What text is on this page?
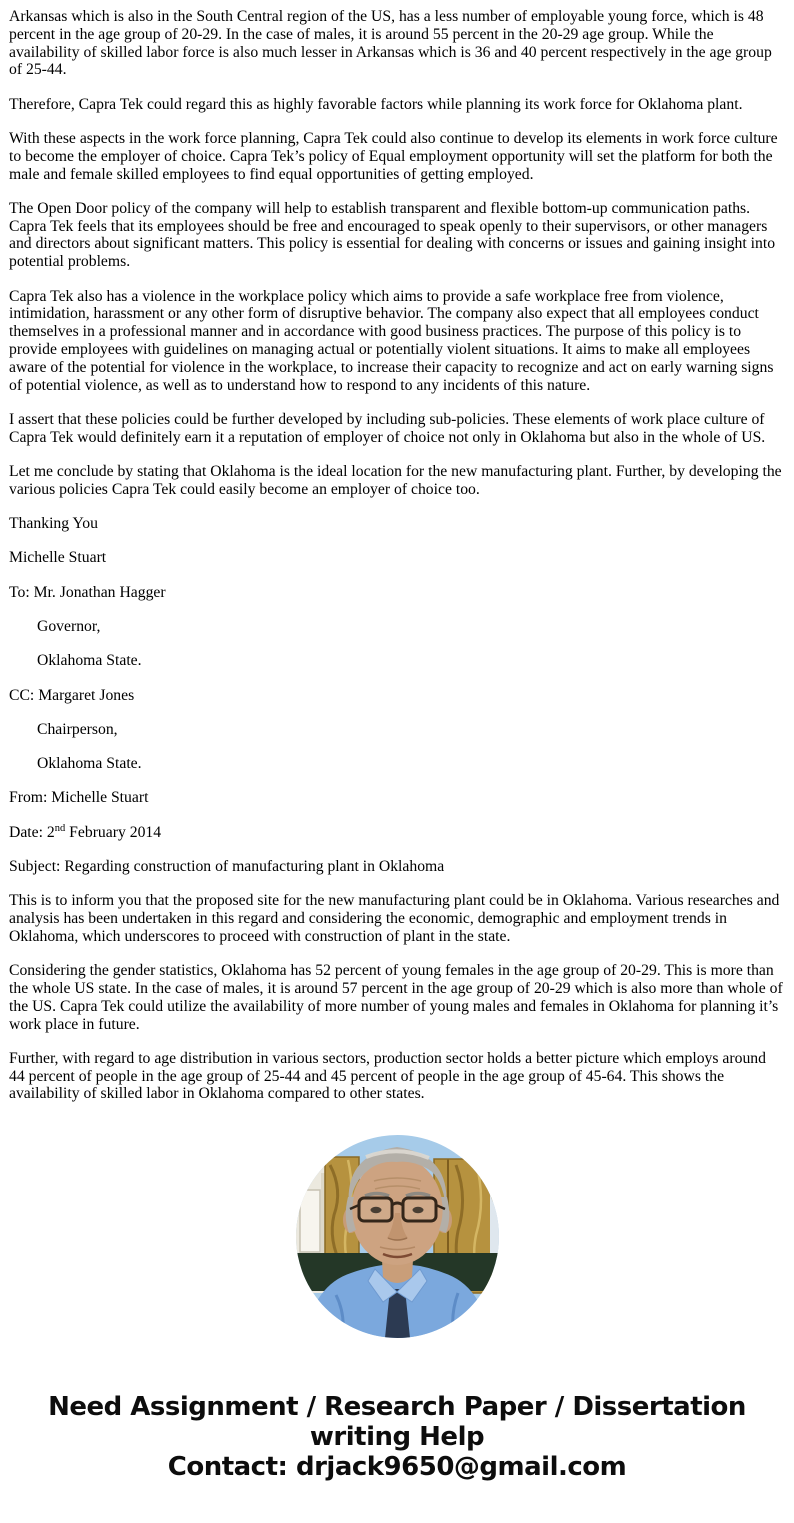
Arkansas which is also in the South Central region of the US, has a less number of employable young force, which is 48 percent in the age group of 20-29. In the case of males, it is around 55 percent in the 20-29 age group. While the availability of skilled labor force is also much lesser in Arkansas which is 36 and 40 percent respectively in the age group of 25-44.

Therefore, Capra Tek could regard this as highly favorable factors while planning its work force for Oklahoma plant.

With these aspects in the work force planning, Capra Tek could also continue to develop its elements in work force culture to become the employer of choice. Capra Tek’s policy of Equal employment opportunity will set the platform for both the male and female skilled employees to find equal opportunities of getting employed.

The Open Door policy of the company will help to establish transparent and flexible bottom-up communication paths. Capra Tek feels that its employees should be free and encouraged to speak openly to their supervisors, or other managers and directors about significant matters. This policy is essential for dealing with concerns or issues and gaining insight into potential problems.

Capra Tek also has a violence in the workplace policy which aims to provide a safe workplace free from violence, intimidation, harassment or any other form of disruptive behavior. The company also expect that all employees conduct themselves in a professional manner and in accordance with good business practices. The purpose of this policy is to provide employees with guidelines on managing actual or potentially violent situations. It aims to make all employees aware of the potential for violence in the workplace, to increase their capacity to recognize and act on early warning signs of potential violence, as well as to understand how to respond to any incidents of this nature.

I assert that these policies could be further developed by including sub-policies. These elements of work place culture of Capra Tek would definitely earn it a reputation of employer of choice not only in Oklahoma but also in the whole of US.

Let me conclude by stating that Oklahoma is the ideal location for the new manufacturing plant. Further, by developing the various policies Capra Tek could easily become an employer of choice too.

Thanking You

Michelle Stuart

To: Mr. Jonathan Hagger

Governor,

Oklahoma State.

CC: Margaret Jones

Chairperson,

Oklahoma State.

From: Michelle Stuart

Date: 2nd February 2014

Subject: Regarding construction of manufacturing plant in Oklahoma

This is to inform you that the proposed site for the new manufacturing plant could be in Oklahoma. Various researches and analysis has been undertaken in this regard and considering the economic, demographic and employment trends in Oklahoma, which underscores to proceed with construction of plant in the state.

Considering the gender statistics, Oklahoma has 52 percent of young females in the age group of 20-29. This is more than the whole US state. In the case of males, it is around 57 percent in the age group of 20-29 which is also more than whole of the US. Capra Tek could utilize the availability of more number of young males and females in Oklahoma for planning it’s work place in future.

Further, with regard to age distribution in various sectors, production sector holds a better picture which employs around 44 percent of people in the age group of 25-44 and 45 percent of people in the age group of 45-64. This shows the availability of skilled labor in Oklahoma compared to other states.

Need Assignment / Research Paper / Dissertation
writing Help
Contact: drjack9650@gmail.com
